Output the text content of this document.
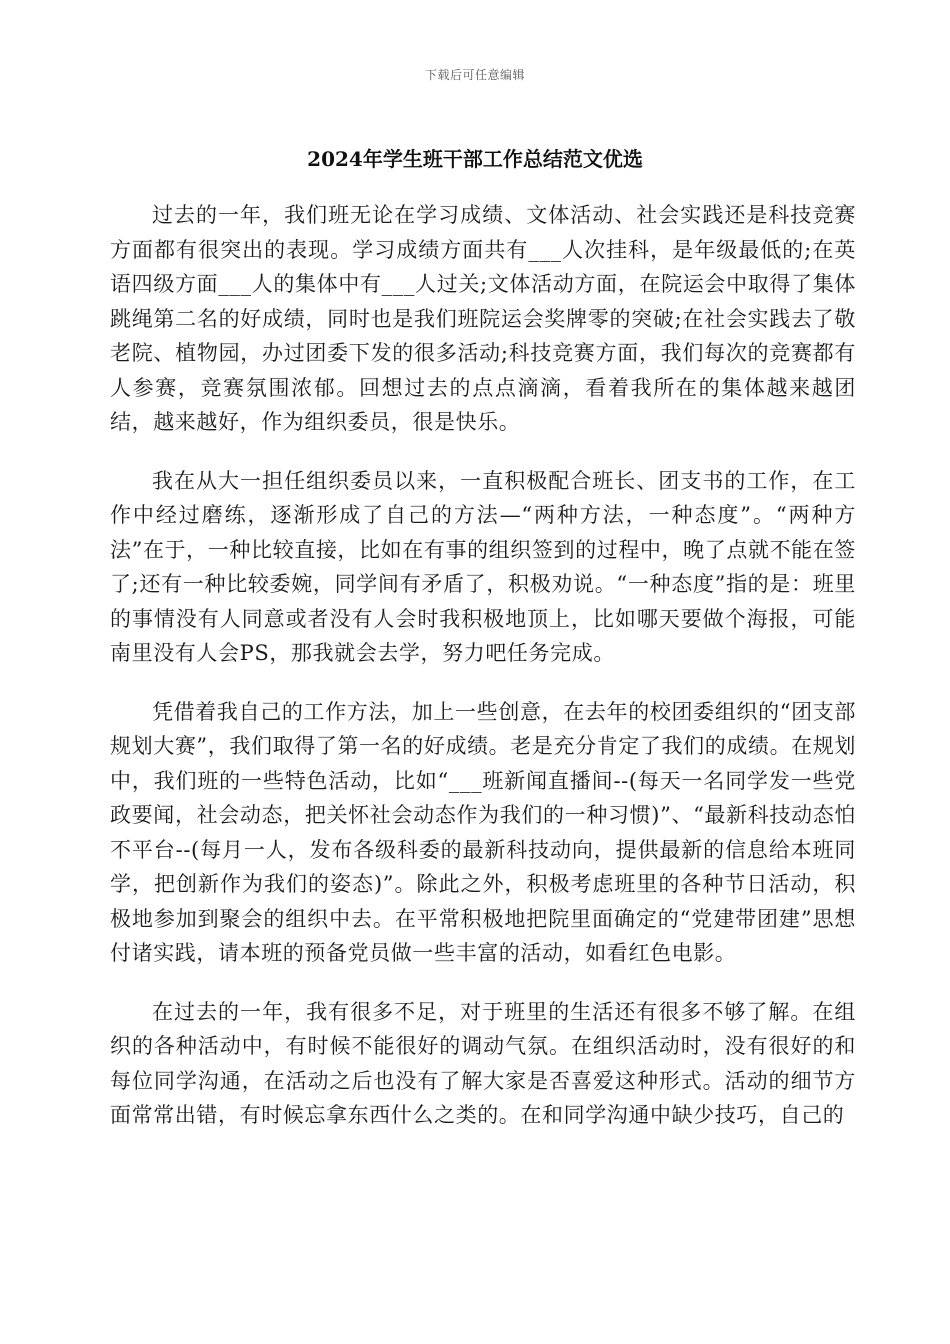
下载后可任意编辑
2024年学生班干部工作总结范文优选

过去的一年，我们班无论在学习成绩、文体活动、社会实践还是科技竞赛方面都有很突出的表现。学习成绩方面共有___人次挂科，是年级最低的;在英语四级方面___人的集体中有___人过关;文体活动方面，在院运会中取得了集体跳绳第二名的好成绩，同时也是我们班院运会奖牌零的突破;在社会实践去了敬老院、植物园，办过团委下发的很多活动;科技竞赛方面，我们每次的竞赛都有人参赛，竞赛氛围浓郁。回想过去的点点滴滴，看着我所在的集体越来越团结，越来越好，作为组织委员，很是快乐。

我在从大一担任组织委员以来，一直积极配合班长、团支书的工作，在工作中经过磨练，逐渐形成了自己的方法—“两种方法，一种态度”。“两种方法”在于，一种比较直接，比如在有事的组织签到的过程中，晚了点就不能在签了;还有一种比较委婉，同学间有矛盾了，积极劝说。“一种态度”指的是：班里的事情没有人同意或者没有人会时我积极地顶上，比如哪天要做个海报，可能南里没有人会PS，那我就会去学，努力吧任务完成。

凭借着我自己的工作方法，加上一些创意，在去年的校团委组织的“团支部规划大赛”，我们取得了第一名的好成绩。老是充分肯定了我们的成绩。在规划中，我们班的一些特色活动，比如“___班新闻直播间--(每天一名同学发一些党政要闻，社会动态，把关怀社会动态作为我们的一种习惯)”、“最新科技动态怕不平台--(每月一人，发布各级科委的最新科技动向，提供最新的信息给本班同学，把创新作为我们的姿态)”。除此之外，积极考虑班里的各种节日活动，积极地参加到聚会的组织中去。在平常积极地把院里面确定的“党建带团建”思想付诸实践，请本班的预备党员做一些丰富的活动，如看红色电影。

在过去的一年，我有很多不足，对于班里的生活还有很多不够了解。在组织的各种活动中，有时候不能很好的调动气氛。在组织活动时，没有很好的和每位同学沟通，在活动之后也没有了解大家是否喜爱这种形式。活动的细节方面常常出错，有时候忘拿东西什么之类的。在和同学沟通中缺少技巧，自己的
